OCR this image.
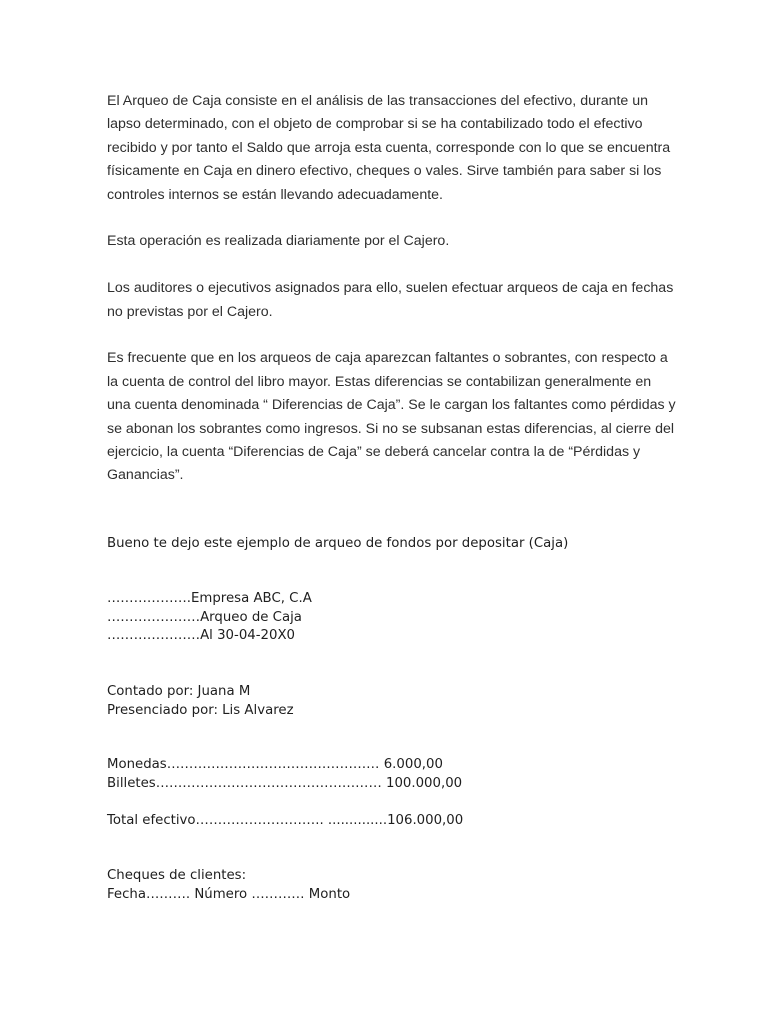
El Arqueo de Caja consiste en el análisis de las transacciones del efectivo, durante un
lapso determinado, con el objeto de comprobar si se ha contabilizado todo el efectivo
recibido y por tanto el Saldo que arroja esta cuenta, corresponde con lo que se encuentra
físicamente en Caja en dinero efectivo, cheques o vales. Sirve también para saber si los
controles internos se están llevando adecuadamente.

Esta operación es realizada diariamente por el Cajero.

Los auditores o ejecutivos asignados para ello, suelen efectuar arqueos de caja en fechas
no previstas por el Cajero.

Es frecuente que en los arqueos de caja aparezcan faltantes o sobrantes, con respecto a
la cuenta de control del libro mayor. Estas diferencias se contabilizan generalmente en
una cuenta denominada “ Diferencias de Caja”. Se le cargan los faltantes como pérdidas y
se abonan los sobrantes como ingresos. Si no se subsanan estas diferencias, al cierre del
ejercicio, la cuenta “Diferencias de Caja” se deberá cancelar contra la de “Pérdidas y
Ganancias”.

Bueno te dejo este ejemplo de arqueo de fondos por depositar (Caja)
……………….Empresa ABC, C.A
…………………Arqueo de Caja
…………………Al 30-04-20X0
Contado por: Juana M
Presenciado por: Lis Alvarez
Monedas………………………………………… 6.000,00
Billetes…………………………………………… 100.000,00
Total efectivo……………………….. ..............106.000,00
Cheques de clientes:
Fecha………. Número ………… Monto
